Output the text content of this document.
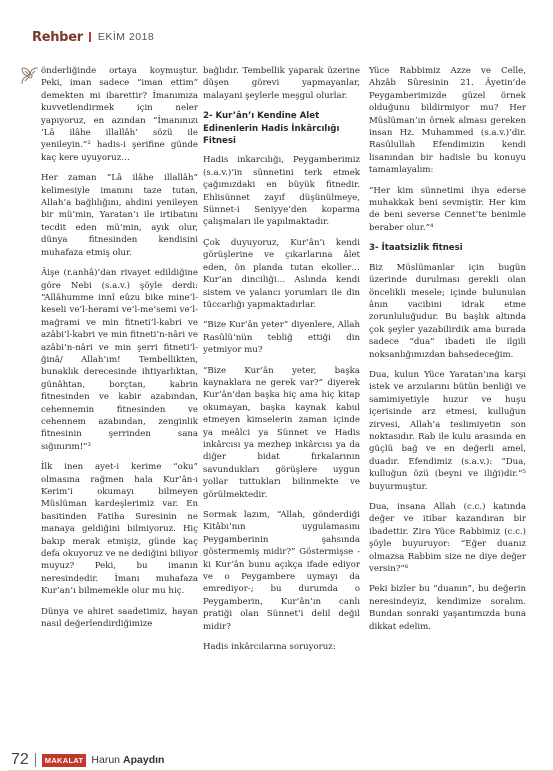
Rehber EKİM 2018

önderliğinde ortaya koymuştur. Peki, iman sadece “iman ettim” demekten mi ibarettir? İmanımıza kuvvetlendirmek için neler yapıyoruz, en azından “İmanınızı ‘Lâ ilâhe illallâh’ sözü ile yenileyin.”² hadis-i şerifine günde kaç kere uyuyoruz…

Her zaman “Lâ ilâhe illallâh” kelimesiyle imanını taze tutan, Allah’a bağlılığını, ahdini yenileyen bir mü’min, Yaratan’ı ile irtibatını tecdit eden mü’min, ayık olur, dünya fitnesinden kendisini muhafaza etmiş olur.

Âişe (r.anhâ)’dan rivayet edildiğine göre Nebi (s.a.v.) şöyle derdi: “Allâhumme innî eûzu bike mine’l-keseli ve’l-herami ve’l-me’semi ve’l-mağrami ve min fitneti’l-kabri ve azâbi’l-kabri ve min fitneti’n-nâri ve azâbi’n-nâri ve min şerri fitneti’l-ğinâ/ Allah’ım! Tembellikten, bunaklık derecesinde ihtiyarlıktan, günâhtan, borçtan, kabrin fitnesinden ve kabir azabından, cehennemin fitnesinden ve cehennem azabından, zenginlik fitnesinin şerrinden sana sığınırım!”³

İlk inen ayet-i kerime “oku” olmasına rağmen hala Kur’ân-ı Kerim’i okumayı bilmeyen Müslüman kardeşlerimiz var. En basitinden Fatiha Suresinin ne manaya geldiğini bilmiyoruz. Hiç bakıp merak etmişiz, günde kaç defa okuyoruz ve ne dediğini biliyor muyuz? Peki, bu imanın neresindedir. İmanı muhafaza Kur’an’ı bilmemekle olur mu hiç.

Dünya ve ahiret saadetimiz, hayan nasıl değerlendirdiğimize

bağlıdır. Tembellik yaparak üzerine düşen görevi yapmayanlar, malayani şeylerle meşgul olurlar.

2- Kur’ân’ı Kendine Alet Edinenlerin Hadis İnkârcılığı Fitnesi

Hadis inkarcılığı, Peygamberimiz (s.a.v.)’in sünnetini terk etmek çağımızdaki en büyük fitnedir. Ehlisünnet zayıf düşünülmeye, Sünnet-i Seniyye’den koparma çalışmaları ile yapılmaktadır.

Çok duyuyoruz, Kur’ân’ı kendi görüşlerine ve çıkarlarına âlet eden, ön planda tutan ekoller… Kur’an dinciliği… Aslında kendi sistem ve yalancı yorumları ile din tüccarlığı yapmaktadırlar.

“Bize Kur’ân yeter” diyenlere, Allah Rasûlü’nün tebliğ ettiği din yetmiyor mu?

“Bize Kur’ân yeter, başka kaynaklara ne gerek var?” diyerek Kur’ân’dan başka hiç ama hiç kitap okumayan, başka kaynak kabul etmeyen kimselerin zaman içinde ya meâlci ya Sünnet ve Hadis inkârcısı ya mezhep inkârcısı ya da diğer bidat fırkalarının savundukları görüşlere uygun yollar tuttukları bilinmekte ve görülmektedir.

Sormak lazım, “Allah, gönderdiği Kitâbı’nın uygulamasını Peygamberinin şahsında göstermemiş midir?” Göstermişse -ki Kur’ân bunu açıkça ifade ediyor ve o Peygambere uymayı da emrediyor-; bu durumda o Peygamberin, Kur’ân’ın canlı pratiği olan Sünnet’i delil değil midir?

Hadis inkârcılarına soruyoruz:

Yüce Rabbimiz Azze ve Celle, Ahzâb Sûresinin 21. Âyetin’de Peygamberimizde güzel örnek olduğunu bildirmiyor mu? Her Müslüman’ın örnek alması gereken insan Hz. Muhammed (s.a.v.)’dir. Rasûlullah Efendimizin kendi lisanından bir hadisle bu konuyu tamamlayalım:

“Her kim sünnetimi ihya ederse muhakkak beni sevmiştir. Her kim de beni severse Cennet’te benimle beraber olur.”⁴

3- İtaatsizlik fitnesi

Biz Müslümanlar için bugün üzerinde durulması gerekli olan öncelikli mesele; içinde bulunulan ânın vacibini idrak etme zorunluluğudur. Bu başlık altında çok şeyler yazabilirdik ama burada sadece “dua” ibadeti ile ilgili noksanlığımızdan bahsedeceğim.

Dua, kulun Yüce Yaratan’ına karşı istek ve arzularını bütün benliği ve samimiyetiyle huzur ve huşu içerisinde arz etmesi, kulluğun zirvesi, Allah’a teslimiyetin son noktasıdır. Rab ile kulu arasında en güçlü bağ ve en değerli amel, duadır. Efendimiz (s.a.v.): “Dua, kulluğun özü (beyni ve iliği)dir.”⁵ buyurmuştur.

Dua, insana Allah (c.c.) katında değer ve itibar kazandıran bir ibadettir. Zira Yüce Rabbimiz (c.c.) şöyle buyuruyor: “Eğer duanız olmazsa Rabbim size ne diye değer versin?”⁶

Peki bizler bu “duanın”, bu değerin neresindeyiz, kendimize soralım. Bundan sonraki yaşantımızda buna dikkat edelim.

72	MAKALAT Harun Apaydın
